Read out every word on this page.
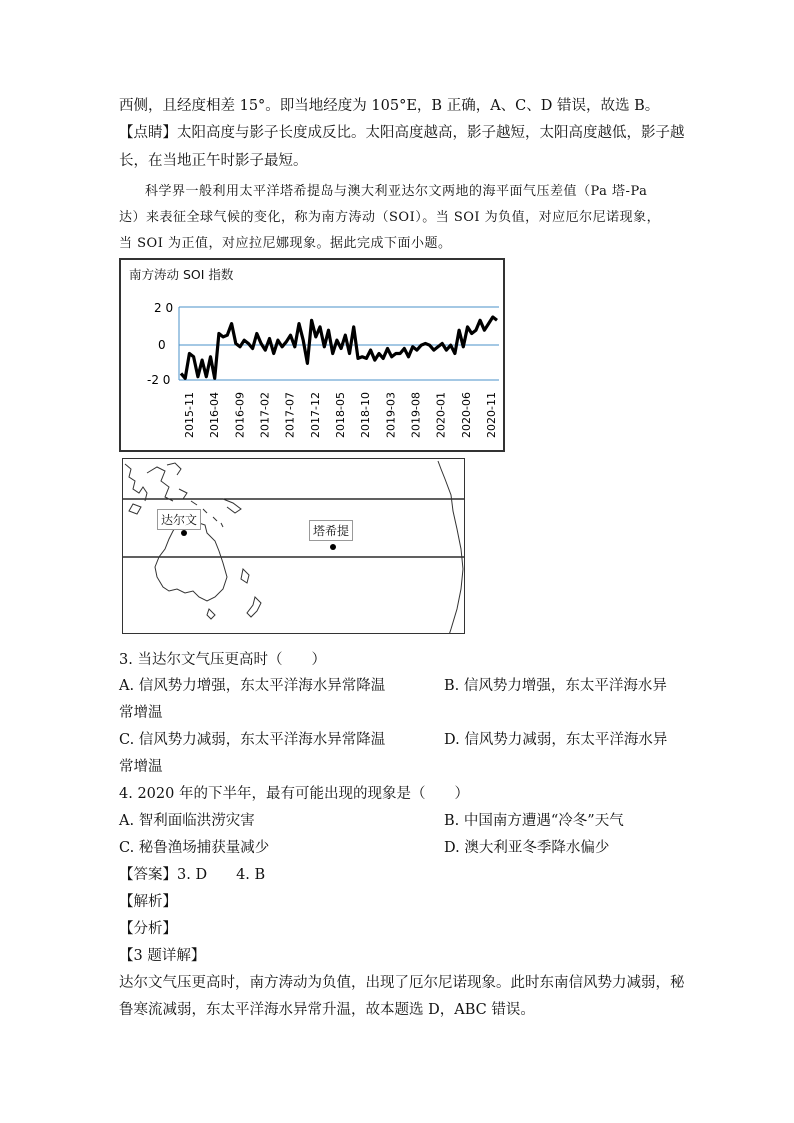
西侧，且经度相差 15°。即当地经度为 105°E，B 正确，A、C、D 错误，故选 B。
【点睛】太阳高度与影子长度成反比。太阳高度越高，影子越短，太阳高度越低，影子越
长，在当地正午时影子最短。
科学界一般利用太平洋塔希提岛与澳大利亚达尔文两地的海平面气压差值（Pa 塔-Pa
达）来表征全球气候的变化，称为南方涛动（SOI）。当 SOI 为负值，对应厄尔尼诺现象，
当 SOI 为正值，对应拉尼娜现象。据此完成下面小题。
南方涛动 SOI 指数
2 0
0
-2 0
2015-11 2016-04 2016-09 2017-02 2017-07 2017-12 2018-05 2018-10 2019-03 2019-08 2020-01 2020-06 2020-11
达尔文
塔希提
3. 当达尔文气压更高时（　　）
A. 信风势力增强，东太平洋海水异常降温	B. 信风势力增强，东太平洋海水异
常增温
C. 信风势力减弱，东太平洋海水异常降温	D. 信风势力减弱，东太平洋海水异
常增温
4. 2020 年的下半年，最有可能出现的现象是（　　）
A. 智利面临洪涝灾害	B. 中国南方遭遇“冷冬”天气
C. 秘鲁渔场捕获量减少	D. 澳大利亚冬季降水偏少
【答案】3. D　　4. B
【解析】
【分析】
【3 题详解】
达尔文气压更高时，南方涛动为负值，出现了厄尔尼诺现象。此时东南信风势力减弱，秘
鲁寒流减弱，东太平洋海水异常升温，故本题选 D，ABC 错误。
